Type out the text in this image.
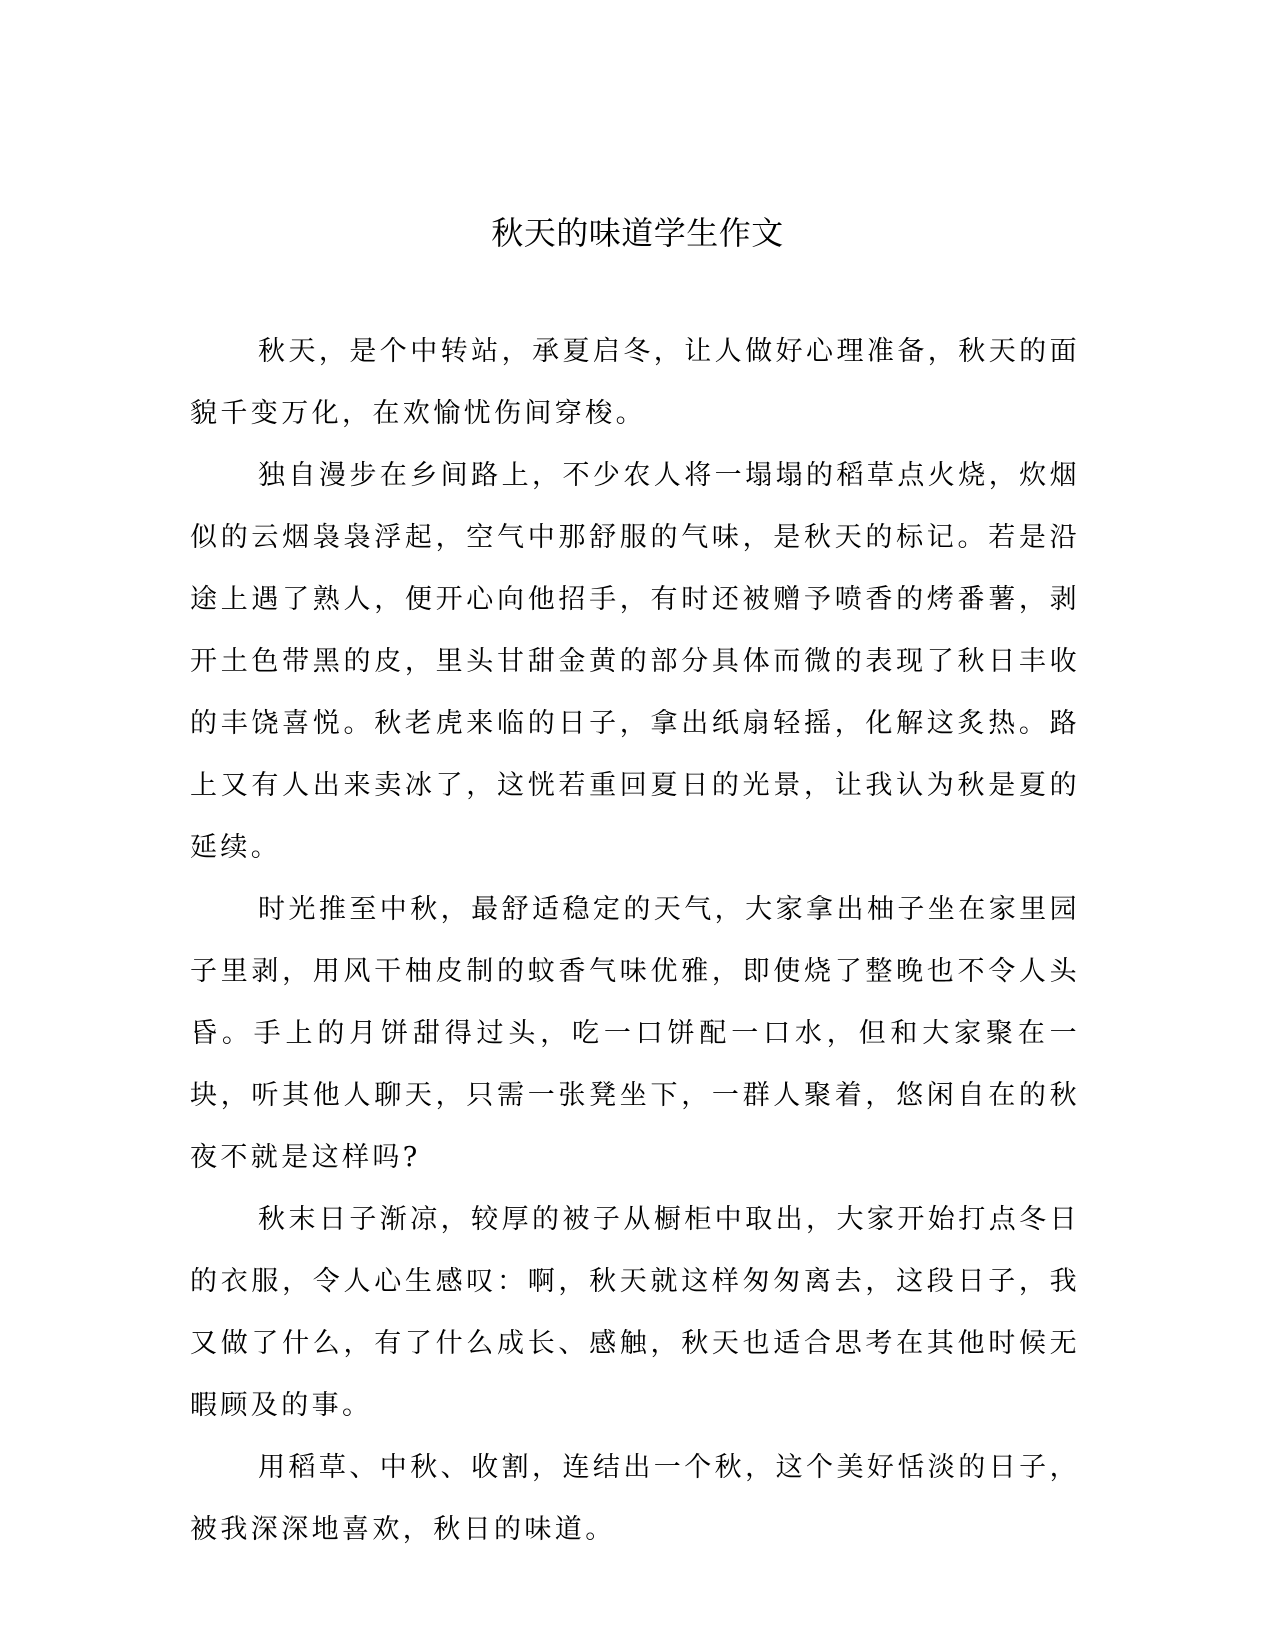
秋天的味道学生作文

秋天，是个中转站，承夏启冬，让人做好心理准备，秋天的面貌千变万化，在欢愉忧伤间穿梭。

独自漫步在乡间路上，不少农人将一塌塌的稻草点火烧，炊烟似的云烟袅袅浮起，空气中那舒服的气味，是秋天的标记。若是沿途上遇了熟人，便开心向他招手，有时还被赠予喷香的烤番薯，剥开土色带黑的皮，里头甘甜金黄的部分具体而微的表现了秋日丰收的丰饶喜悦。秋老虎来临的日子，拿出纸扇轻摇，化解这炙热。路上又有人出来卖冰了，这恍若重回夏日的光景，让我认为秋是夏的延续。

时光推至中秋，最舒适稳定的天气，大家拿出柚子坐在家里园子里剥，用风干柚皮制的蚊香气味优雅，即使烧了整晚也不令人头昏。手上的月饼甜得过头，吃一口饼配一口水，但和大家聚在一块，听其他人聊天，只需一张凳坐下，一群人聚着，悠闲自在的秋夜不就是这样吗?

秋末日子渐凉，较厚的被子从橱柜中取出，大家开始打点冬日的衣服，令人心生感叹：啊，秋天就这样匆匆离去，这段日子，我又做了什么，有了什么成长、感触，秋天也适合思考在其他时候无暇顾及的事。

用稻草、中秋、收割，连结出一个秋，这个美好恬淡的日子，被我深深地喜欢，秋日的味道。
